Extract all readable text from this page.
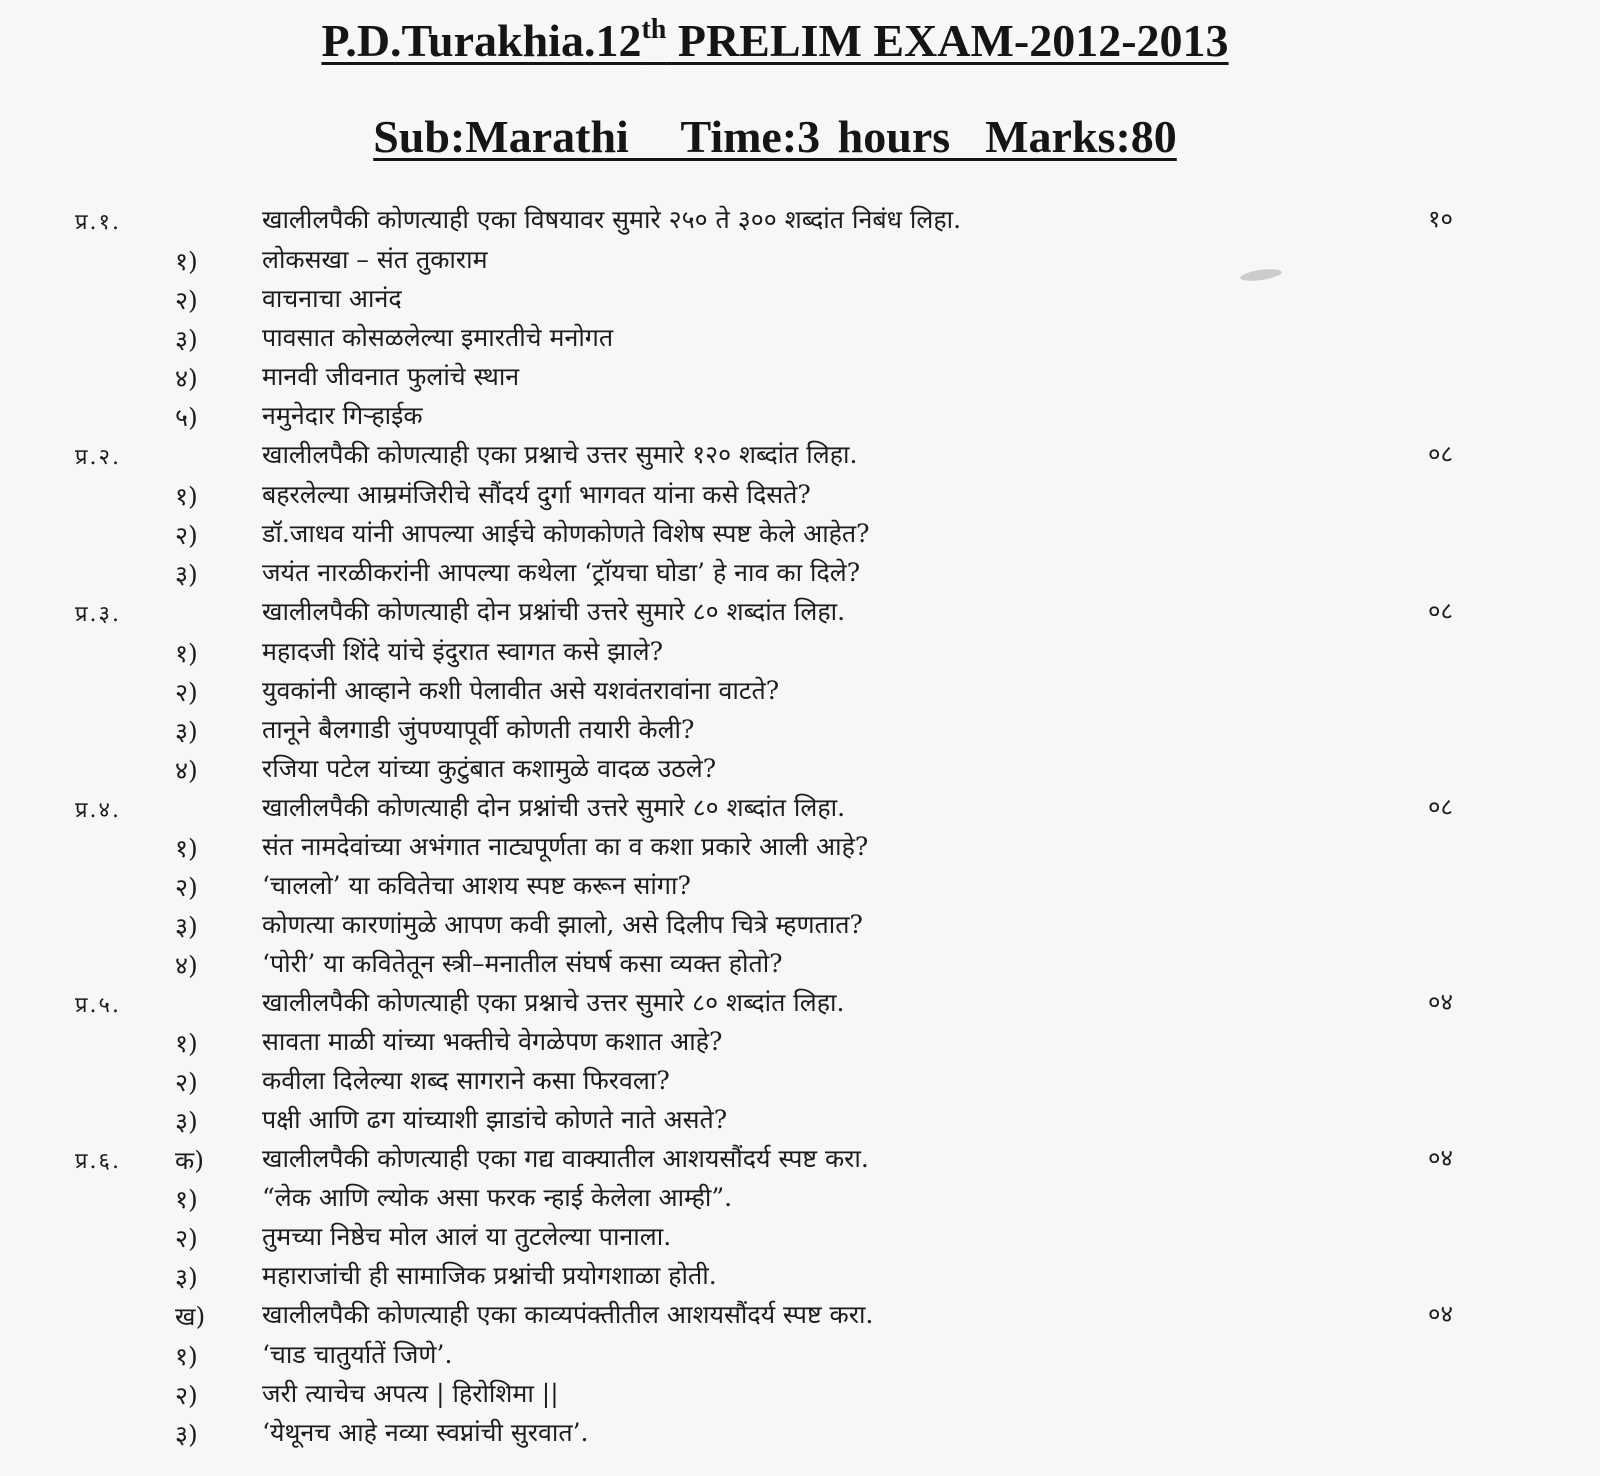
P.D.Turakhia.12th PRELIM EXAM-2012-2013
Sub:Marathi   Time:3 hours  Marks:80
प्र.१.	खालीलपैकी कोणत्याही एका विषयावर सुमारे २५० ते ३०० शब्दांत निबंध लिहा.	१०
१)	लोकसखा – संत तुकाराम
२)	वाचनाचा आनंद
३)	पावसात कोसळलेल्या इमारतीचे मनोगत
४)	मानवी जीवनात फुलांचे स्थान
५)	नमुनेदार गिऱ्हाईक
प्र.२.	खालीलपैकी कोणत्याही एका प्रश्नाचे उत्तर सुमारे १२० शब्दांत लिहा.	०८
१)	बहरलेल्या आम्रमंजिरीचे सौंदर्य दुर्गा भागवत यांना कसे दिसते?
२)	डॉ.जाधव यांनी आपल्या आईचे कोणकोणते विशेष स्पष्ट केले आहेत?
३)	जयंत नारळीकरांनी आपल्या कथेला ‘ट्रॉयचा घोडा’ हे नाव का दिले?
प्र.३.	खालीलपैकी कोणत्याही दोन प्रश्नांची उत्तरे सुमारे ८० शब्दांत लिहा.	०८
१)	महादजी शिंदे यांचे इंदुरात स्वागत कसे झाले?
२)	युवकांनी आव्हाने कशी पेलावीत असे यशवंतरावांना वाटते?
३)	तानूने बैलगाडी जुंपण्यापूर्वी कोणती तयारी केली?
४)	रजिया पटेल यांच्या कुटुंबात कशामुळे वादळ उठले?
प्र.४.	खालीलपैकी कोणत्याही दोन प्रश्नांची उत्तरे सुमारे ८० शब्दांत लिहा.	०८
१)	संत नामदेवांच्या अभंगात नाट्यपूर्णता का व कशा प्रकारे आली आहे?
२)	‘चाललो’ या कवितेचा आशय स्पष्ट करून सांगा?
३)	कोणत्या कारणांमुळे आपण कवी झालो, असे दिलीप चित्रे म्हणतात?
४)	‘पोरी’ या कवितेतून स्त्री–मनातील संघर्ष कसा व्यक्त होतो?
प्र.५.	खालीलपैकी कोणत्याही एका प्रश्नाचे उत्तर सुमारे ८० शब्दांत लिहा.	०४
१)	सावता माळी यांच्या भक्तीचे वेगळेपण कशात आहे?
२)	कवीला दिलेल्या शब्द सागराने कसा फिरवला?
३)	पक्षी आणि ढग यांच्याशी झाडांचे कोणते नाते असते?
प्र.६. क) खालीलपैकी कोणत्याही एका गद्य वाक्यातील आशयसौंदर्य स्पष्ट करा.	०४
१)	“लेक आणि ल्योक असा फरक न्हाई केलेला आम्ही”.
२)	तुमच्या निष्ठेच मोल आलं या तुटलेल्या पानाला.
३)	महाराजांची ही सामाजिक प्रश्नांची प्रयोगशाळा होती.
ख) खालीलपैकी कोणत्याही एका काव्यपंक्तीतील आशयसौंदर्य स्पष्ट करा.	०४
१)	‘चाड चातुर्यातें जिणे’.
२)	जरी त्याचेच अपत्य | हिरोशिमा ||
३)	‘येथूनच आहे नव्या स्वप्नांची सुरवात’.
